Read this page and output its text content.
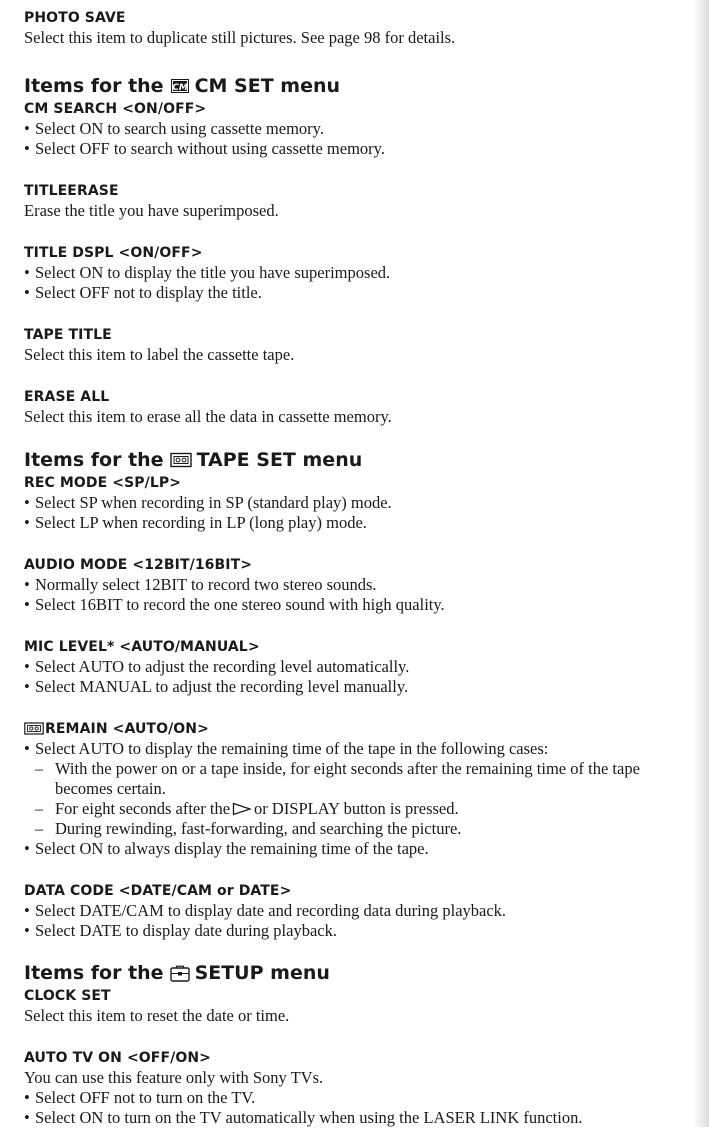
PHOTO SAVE
Select this item to duplicate still pictures. See page 98 for details.
Items for the CM CM SET menu
CM SEARCH <ON/OFF>
• Select ON to search using cassette memory.
• Select OFF to search without using cassette memory.
TITLEERASE
Erase the title you have superimposed.
TITLE DSPL <ON/OFF>
• Select ON to display the title you have superimposed.
• Select OFF not to display the title.
TAPE TITLE
Select this item to label the cassette tape.
ERASE ALL
Select this item to erase all the data in cassette memory.
Items for the TAPE SET menu
REC MODE <SP/LP>
• Select SP when recording in SP (standard play) mode.
• Select LP when recording in LP (long play) mode.
AUDIO MODE <12BIT/16BIT>
• Normally select 12BIT to record two stereo sounds.
• Select 16BIT to record the one stereo sound with high quality.
MIC LEVEL* <AUTO/MANUAL>
• Select AUTO to adjust the recording level automatically.
• Select MANUAL to adjust the recording level manually.
REMAIN <AUTO/ON>
• Select AUTO to display the remaining time of the tape in the following cases:
– With the power on or a tape inside, for eight seconds after the remaining time of the tape becomes certain.
– For eight seconds after the or DISPLAY button is pressed.
– During rewinding, fast-forwarding, and searching the picture.
• Select ON to always display the remaining time of the tape.
DATA CODE <DATE/CAM or DATE>
• Select DATE/CAM to display date and recording data during playback.
• Select DATE to display date during playback.
Items for the SETUP menu
CLOCK SET
Select this item to reset the date or time.
AUTO TV ON <OFF/ON>
You can use this feature only with Sony TVs.
• Select OFF not to turn on the TV.
• Select ON to turn on the TV automatically when using the LASER LINK function.
